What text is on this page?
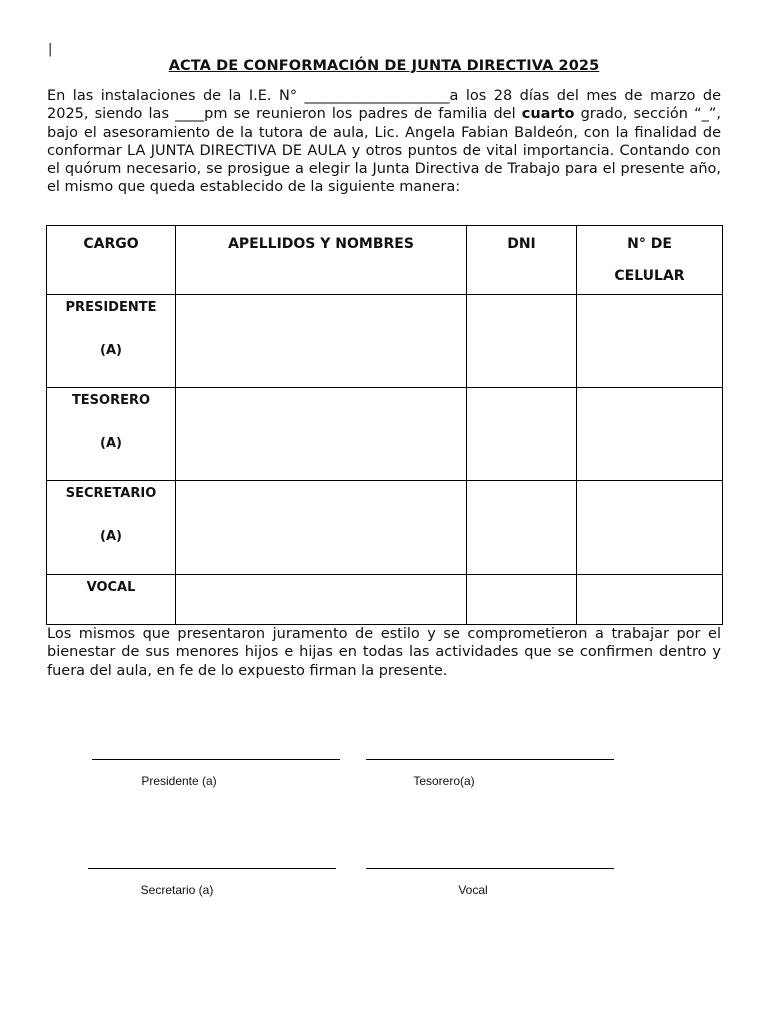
|
ACTA DE CONFORMACIÓN DE JUNTA DIRECTIVA 2025

En las instalaciones de la I.E. N° ____________________a los 28 días del mes de marzo de 2025, siendo las ____pm se reunieron los padres de familia del cuarto grado, sección “_”, bajo el asesoramiento de la tutora de aula, Lic. Angela Fabian Baldeón, con la finalidad de conformar LA JUNTA DIRECTIVA DE AULA y otros puntos de vital importancia. Contando con el quórum necesario, se prosigue a elegir la Junta Directiva de Trabajo para el presente año, el mismo que queda establecido de la siguiente manera:

CARGO	APELLIDOS Y NOMBRES	DNI	N° DE
CELULAR

PRESIDENTE
(A)			

TESORERO
(A)			

SECRETARIO
(A)			

VOCAL			

Los mismos que presentaron juramento de estilo y se comprometieron a trabajar por el bienestar de sus menores hijos e hijas en todas las actividades que se confirmen dentro y fuera del aula, en fe de lo expuesto firman la presente.

Presidente (a)	Tesorero(a)
Secretario (a)	Vocal
